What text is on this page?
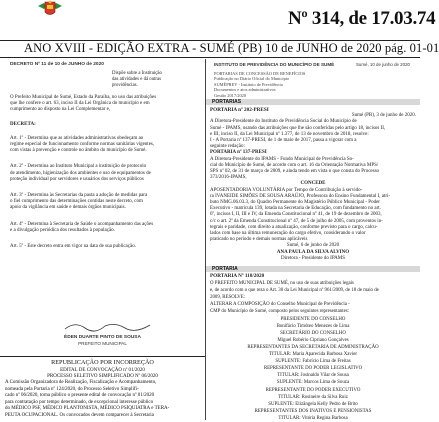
Nº 314, de 17.03.74
ANO XVIII - EDIÇÃO EXTRA - SUMÉ (PB) 10 de JUNHO de 2020 pág. 01-01
DECRETO Nº 11 de 10 de JUNHO de 2020

Dispõe sobre a Instituição

das atividades e dá outras

providências.

O Prefeito Municipal de Sumé, Estado da Paraíba, no uso das atribuições

que lhe confere o art. 63, inciso II da Lei Orgânica do município e em

cumprimento ao disposto na Lei Complementar e,

DECRETA:

Art. 1º - Determina que as atividades administrativas obedeçam ao

regime especial de funcionamento conforme normas sanitárias vigentes,

com vistas à prevenção e controle no âmbito do município de Sumé.

Art. 2º - Determina ao Instituto Municipal a instituição de protocolo

de atendimento, higienização dos ambientes e uso de equipamentos de

proteção individual por servidores e usuários dos serviços públicos

Art. 3º - Determina às Secretarias da pasta a adoção de medidas para

o fiel cumprimento das determinações contidas neste decreto, com

apoio da vigilância em saúde e demais órgãos municipais.

Art. 4º - Determina à Secretaria de Saúde o acompanhamento das ações

e a divulgação periódica dos resultados à população.

Art. 5º - Este decreto entra em vigor na data de sua publicação.

ÉDEN DUARTE PINTO DE SOUSA
PREFEITO MUNICIPAL
REPUBLICAÇÃO POR INCORREÇÃO
EDITAL DE CONVOCAÇÃO nº 01/2020
PROCESSO SELETIVO SIMPLIFICADO Nº 06/2020

A Comissão Organizadora de Realização, Fiscalização e Acompanhamento,

nomeada pela Portaria nº 124/2020, do Processo Seletivo Simplifi-

cado nº 06/2020, torna público o presente edital de convocação nº 01/2020

para contratação por tempo determinado, de excepcional interesse público

do MÉDICO PSF, MÉDICO PLANTONISTA, MÉDICO PSIQUIATRA e TERA-

PEUTA OCUPACIONAL. Os convocados devem comparecer à Secretaria

INSTITUTO DE PREVIDÊNCIA DO MUNICÍPIO DE SUMÉ	Sumé, 10 de junho de 2020

PORTARIAS DE CONCESSÃO DE BENEFÍCIOS

Publicação no Diário Oficial do Município

SUMÉPREV - Instituto de Previdência

Documentos e atos administrativos

Gestão 2017/2020

PORTARIAS

PORTARIA nº 202-PRESI

Sumé (PB), 3 de junho de 2020.

A Diretora-Presidente do Instituto de Previdência Social do Município de

Sumé - IPAMS, usando das atribuições que lhe são conferidas pelo artigo 18, incisos II,

e III, inciso II, da Lei Municipal nº 1.377, de 13 de novembro de 2018, resolve:

I - A Portaria nº 137-PRESI, de 1 de maio de 2017, passa a vigorar com a

seguinte redação:

PORTARIA nº 137-PRESI

A Diretora-Presidente do IPAMS - Fundo Municipal de Previdência So-

cial do Município de Sumé, de acordo com o art. 16 da Orientação Normativa MPS/

SPS nº 02, de 31 de março de 2009, e ainda tendo em vista o que consta do Processo

373/2016-IPAMS,

CONCEDE

APOSENTADORIA VOLUNTÁRIA por Tempo de Contribuição à servido-

ra IVANEIDE SIMÕES DE SOUSA ARAÚJO, Professora do Ensino Fundamental I, atri-

buto NMG.06.03.3, do Quadro Permanente do Magistério Público Municipal - Poder

Executivo - matrícula 139, lotada na Secretaria de Educação, com fundamento no art.

6º, incisos I, II, III e IV, da Emenda Constitucional nº 41, de 19 de dezembro de 2003,

c/c o art. 2º da Emenda Constitucional nº 47, de 5 de julho de 2005, com proventos in-

tegrais e paridade, com direito a atualização, conforme previsto para o cargo, calcu-

lados com base na última remuneração do cargo efetivo, considerando o valor

praticado no período e demais normas aplicáveis

Sumé, 6 de junho de 2020

ANA PAULA DA SILVA ALVINO

Diretora - Presidente do IPAMS

PORTARIA

PORTARIA Nº 110/2020

O PREFEITO MUNICIPAL DE SUMÉ, no uso de suas atribuições legais

e, de acordo com o que reza o Art. 30 da Lei Municipal nº 961/2009, de 18 de maio de

2009, RESOLVE:

ALTERAR A COMPOSIÇÃO do Conselho Municipal de Previdência -

CMP do Município de Sumé, composto pelos seguintes representantes:

PRESIDENTE DO CONSELHO

Bonifácio Timóteo Menezes de Lima

SECRETÁRIO DO CONSELHO

Miguel Robério Cipriano Gonçalves

REPRESENTANTES DA SECRETARIA DE ADMINISTRAÇÃO

TITULAR: Maria Aparecida Barbosa Xavier

SUPLENTE: Fabrício Lima de Freitas

REPRESENTANTE DO PODER LEGISLATIVO

TITULAR: Josinaldo Vilar de Sousa

SUPLENTE: Marcos Lima de Souza

REPRESENTANTE DO PODER EXECUTIVO

TITULAR: Rosineire da Silva Ruiz

SUPLENTE: Elizângela Kelly Pedro de Brito

REPRESENTANTES DOS INATIVOS E PENSIONISTAS

TITULAR: Vitória Regina Barbosa
